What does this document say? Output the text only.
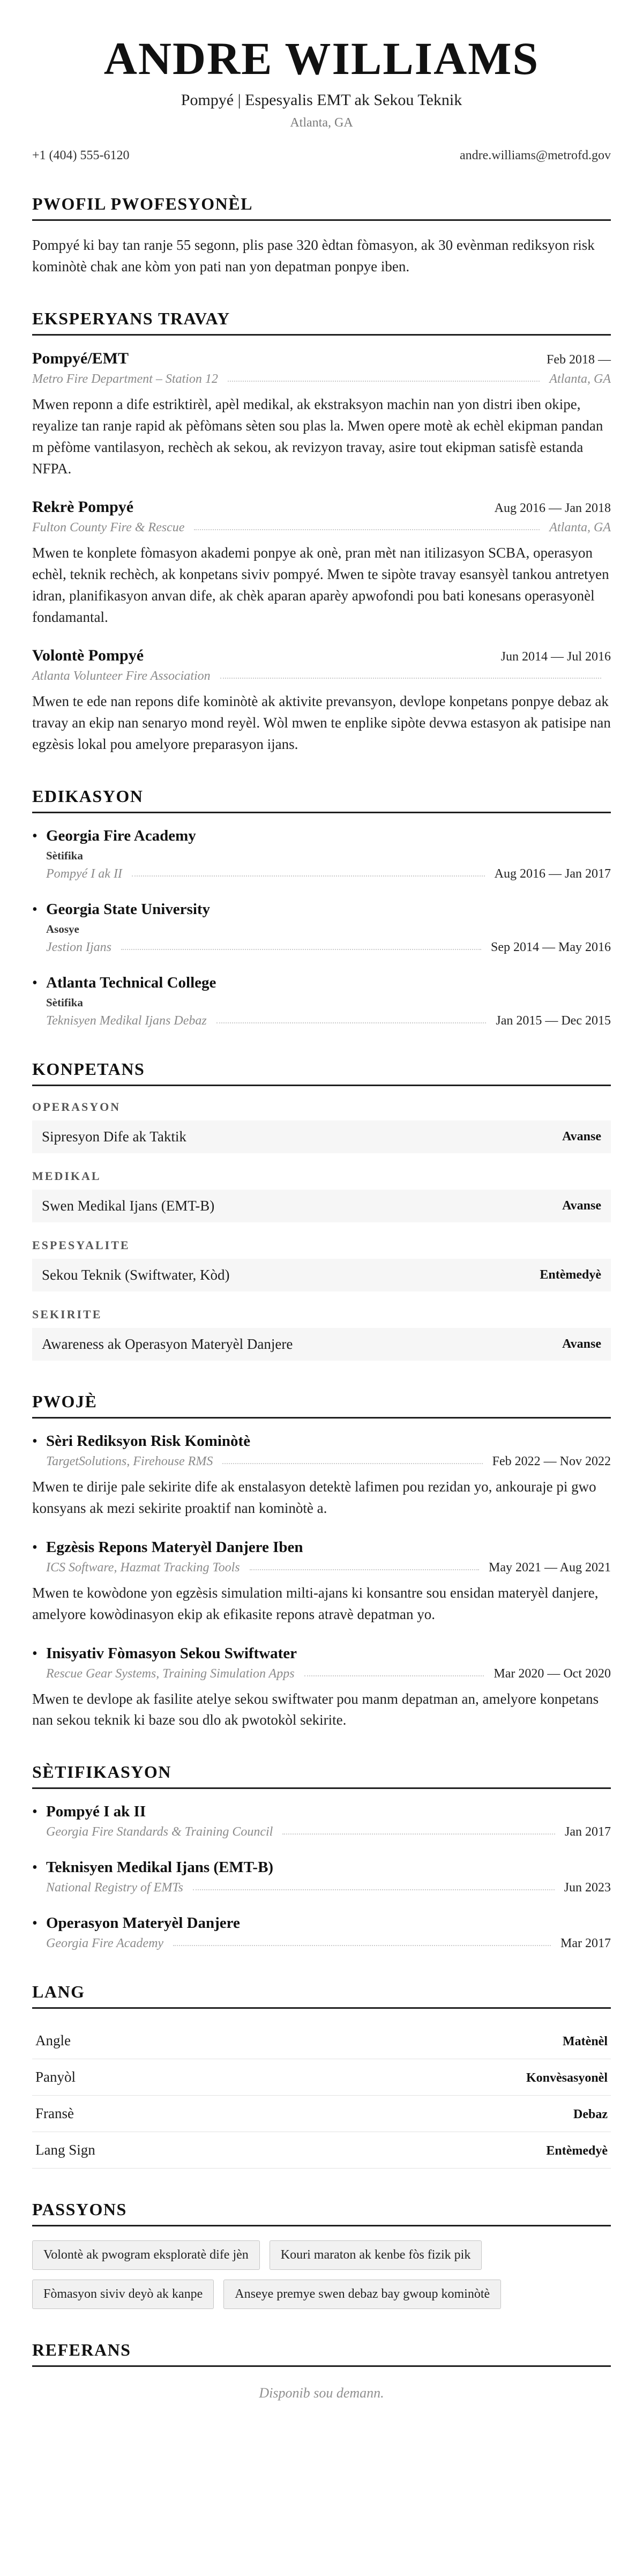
ANDRE WILLIAMS
Pompyé | Espesyalis EMT ak Sekou Teknik
Atlanta, GA
+1 (404) 555-6120	andre.williams@metrofd.gov
PWOFIL PWOFESYONÈL

Pompyé ki bay tan ranje 55 segonn, plis pase 320 èdtan fòmasyon, ak 30 evènman rediksyon risk kominòtè chak ane kòm yon pati nan yon depatman ponpye iben.

EKSPERYANS TRAVAY
Pompyé/EMT	Feb 2018 —
Metro Fire Department – Station 12	Atlanta, GA

Mwen reponn a dife estriktirèl, apèl medikal, ak ekstraksyon machin nan yon distri iben okipe, reyalize tan ranje rapid ak pèfòmans sèten sou plas la. Mwen opere motè ak echèl ekipman pandan m pèfòme vantilasyon, rechèch ak sekou, ak revizyon travay, asire tout ekipman satisfè estanda NFPA.

Rekrè Pompyé	Aug 2016 — Jan 2018
Fulton County Fire & Rescue	Atlanta, GA

Mwen te konplete fòmasyon akademi ponpye ak onè, pran mèt nan itilizasyon SCBA, operasyon echèl, teknik rechèch, ak konpetans siviv pompyé. Mwen te sipòte travay esansyèl tankou antretyen idran, planifikasyon anvan dife, ak chèk aparan aparèy apwofondi pou bati konesans operasyonèl fondamantal.

Volontè Pompyé	Jun 2014 — Jul 2016
Atlanta Volunteer Fire Association

Mwen te ede nan repons dife kominòtè ak aktivite prevansyon, devlope konpetans ponpye debaz ak travay an ekip nan senaryo mond reyèl. Wòl mwen te enplike sipòte devwa estasyon ak patisipe nan egzèsis lokal pou amelyore preparasyon ijans.

EDIKASYON
•
Georgia Fire Academy
Sètifika
Pompyé I ak II	Aug 2016 — Jan 2017
•
Georgia State University
Asosye
Jestion Ijans	Sep 2014 — May 2016
•
Atlanta Technical College
Sètifika
Teknisyen Medikal Ijans Debaz	Jan 2015 — Dec 2015
KONPETANS
OPERASYON
Sipresyon Dife ak Taktik	Avanse
MEDIKAL
Swen Medikal Ijans (EMT-B)	Avanse
ESPESYALITE
Sekou Teknik (Swiftwater, Kòd)	Entèmedyè
SEKIRITE
Awareness ak Operasyon Materyèl Danjere	Avanse
PWOJÈ
•
Sèri Rediksyon Risk Kominòtè
TargetSolutions, Firehouse RMS	Feb 2022 — Nov 2022

Mwen te dirije pale sekirite dife ak enstalasyon detektè lafimen pou rezidan yo, ankouraje pi gwo konsyans ak mezi sekirite proaktif nan kominòtè a.

•
Egzèsis Repons Materyèl Danjere Iben
ICS Software, Hazmat Tracking Tools	May 2021 — Aug 2021

Mwen te kowòdone yon egzèsis simulation milti-ajans ki konsantre sou ensidan materyèl danjere, amelyore kowòdinasyon ekip ak efikasite repons atravè depatman yo.

•
Inisyativ Fòmasyon Sekou Swiftwater
Rescue Gear Systems, Training Simulation Apps	Mar 2020 — Oct 2020

Mwen te devlope ak fasilite atelye sekou swiftwater pou manm depatman an, amelyore konpetans nan sekou teknik ki baze sou dlo ak pwotokòl sekirite.

SÈTIFIKASYON
•
Pompyé I ak II
Georgia Fire Standards & Training Council	Jan 2017
•
Teknisyen Medikal Ijans (EMT-B)
National Registry of EMTs	Jun 2023
•
Operasyon Materyèl Danjere
Georgia Fire Academy	Mar 2017
LANG
Angle	Matènèl
Panyòl	Konvèsasyonèl
Fransè	Debaz
Lang Sign	Entèmedyè
PASSYONS
Volontè ak pwogram eksploratè dife jèn	Kouri maraton ak kenbe fòs fizik pik
Fòmasyon siviv deyò ak kanpe	Anseye premye swen debaz bay gwoup kominòtè
REFERANS
Disponib sou demann.
